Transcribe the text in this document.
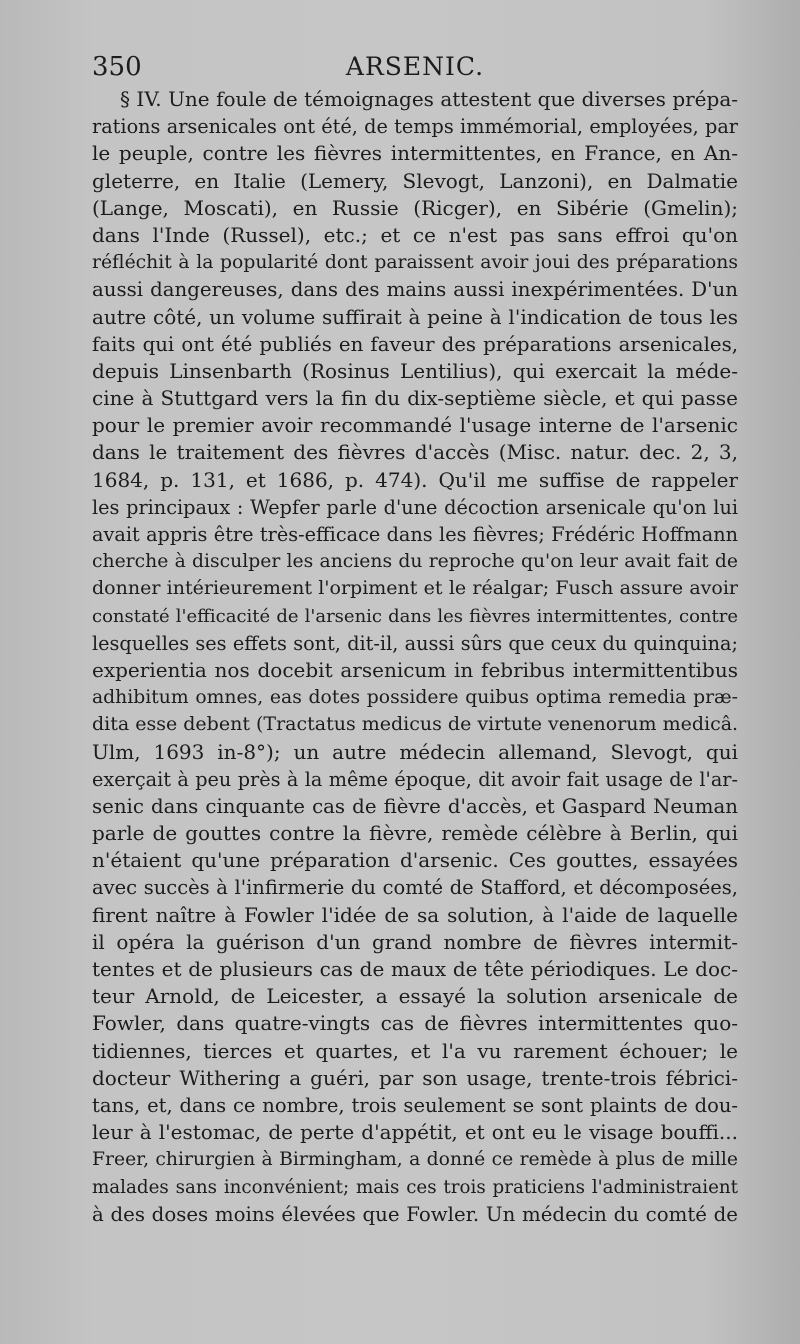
350	ARSENIC.
§ IV. Une foule de témoignages attestent que diverses prépa-
rations arsenicales ont été, de temps immémorial, employées, par
le peuple, contre les fièvres intermittentes, en France, en An-
gleterre, en Italie (Lemery, Slevogt, Lanzoni), en Dalmatie
(Lange, Moscati), en Russie (Ricger), en Sibérie (Gmelin);
dans l'Inde (Russel), etc.; et ce n'est pas sans effroi qu'on
réfléchit à la popularité dont paraissent avoir joui des préparations
aussi dangereuses, dans des mains aussi inexpérimentées. D'un
autre côté, un volume suffirait à peine à l'indication de tous les
faits qui ont été publiés en faveur des préparations arsenicales,
depuis Linsenbarth (Rosinus Lentilius), qui exercait la méde-
cine à Stuttgard vers la fin du dix-septième siècle, et qui passe
pour le premier avoir recommandé l'usage interne de l'arsenic
dans le traitement des fièvres d'accès (Misc. natur. dec. 2, 3,
1684, p. 131, et 1686, p. 474). Qu'il me suffise de rappeler
les principaux : Wepfer parle d'une décoction arsenicale qu'on lui
avait appris être très-efficace dans les fièvres; Frédéric Hoffmann
cherche à disculper les anciens du reproche qu'on leur avait fait de
donner intérieurement l'orpiment et le réalgar; Fusch assure avoir
constaté l'efficacité de l'arsenic dans les fièvres intermittentes, contre
lesquelles ses effets sont, dit-il, aussi sûrs que ceux du quinquina;
experientia nos docebit arsenicum in febribus intermittentibus
adhibitum omnes, eas dotes possidere quibus optima remedia præ-
dita esse debent (Tractatus medicus de virtute venenorum medicâ.
Ulm, 1693 in-8°); un autre médecin allemand, Slevogt, qui
exerçait à peu près à la même époque, dit avoir fait usage de l'ar-
senic dans cinquante cas de fièvre d'accès, et Gaspard Neuman
parle de gouttes contre la fièvre, remède célèbre à Berlin, qui
n'étaient qu'une préparation d'arsenic. Ces gouttes, essayées
avec succès à l'infirmerie du comté de Stafford, et décomposées,
firent naître à Fowler l'idée de sa solution, à l'aide de laquelle
il opéra la guérison d'un grand nombre de fièvres intermit-
tentes et de plusieurs cas de maux de tête périodiques. Le doc-
teur Arnold, de Leicester, a essayé la solution arsenicale de
Fowler, dans quatre-vingts cas de fièvres intermittentes quo-
tidiennes, tierces et quartes, et l'a vu rarement échouer; le
docteur Withering a guéri, par son usage, trente-trois fébrici-
tans, et, dans ce nombre, trois seulement se sont plaints de dou-
leur à l'estomac, de perte d'appétit, et ont eu le visage bouffi...
Freer, chirurgien à Birmingham, a donné ce remède à plus de mille
malades sans inconvénient; mais ces trois praticiens l'administraient
à des doses moins élevées que Fowler. Un médecin du comté de
